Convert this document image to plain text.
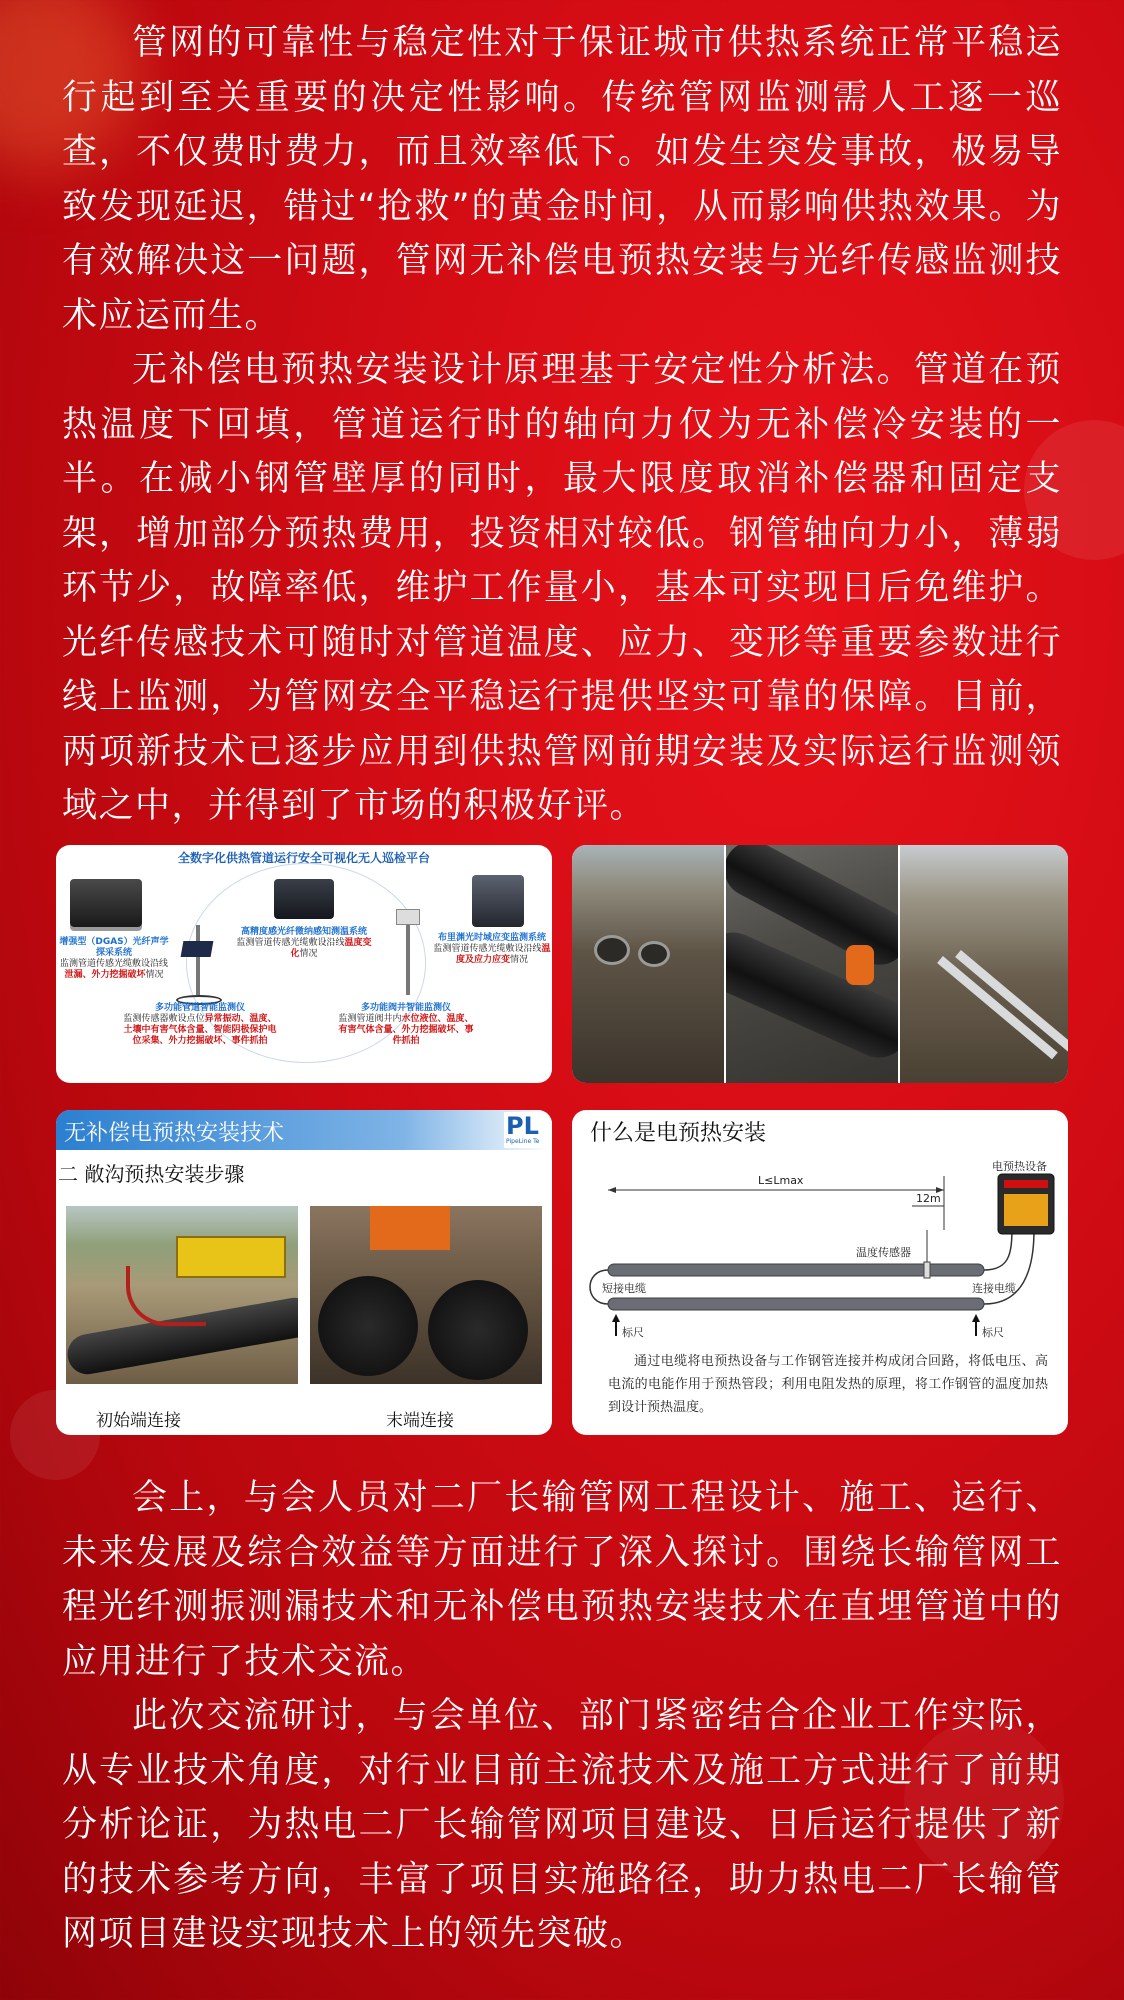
管网的可靠性与稳定性对于保证城市供热系统正常平稳运行起到至关重要的决定性影响。传统管网监测需人工逐一巡查，不仅费时费力，而且效率低下。如发生突发事故，极易导致发现延迟，错过“抢救”的黄金时间，从而影响供热效果。为有效解决这一问题，管网无补偿电预热安装与光纤传感监测技术应运而生。

无补偿电预热安装设计原理基于安定性分析法。管道在预热温度下回填，管道运行时的轴向力仅为无补偿冷安装的一半。在减小钢管壁厚的同时，最大限度取消补偿器和固定支架，增加部分预热费用，投资相对较低。钢管轴向力小，薄弱环节少，故障率低，维护工作量小，基本可实现日后免维护。光纤传感技术可随时对管道温度、应力、变形等重要参数进行线上监测，为管网安全平稳运行提供坚实可靠的保障。目前，两项新技术已逐步应用到供热管网前期安装及实际运行监测领域之中，并得到了市场的积极好评。

全数字化供热管道运行安全可视化无人巡检平台
增强型（DGAS）光纤声学探采系统
监测管道传感光缆敷设沿线泄漏、外力挖掘破坏情况
高精度感光纤微纳感知测温系统
监测管道传感光缆敷设沿线温度变化情况
布里渊光时域应变监测系统
监测管道传感光缆敷设沿线温度及应力应变情况
多功能管道智能监测仪
监测传感器敷设点位异常振动、温度、土壤中有害气体含量、智能阴极保护电位采集、外力挖掘破坏、事件抓拍
多功能阀井智能监测仪
监测管道阀井内水位液位、温度、有害气体含量、外力挖掘破坏、事件抓拍
无补偿电预热安装技术	PL
PipeLine Te
二 敞沟预热安装步骤
初始端连接	末端连接
什么是电预热安装
L≤Lmax
电预热设备
12m
温度传感器
短接电缆	连接电缆
标尺	标尺

通过电缆将电预热设备与工作钢管连接并构成闭合回路，将低电压、高电流的电能作用于预热管段；利用电阻发热的原理，将工作钢管的温度加热到设计预热温度。

会上，与会人员对二厂长输管网工程设计、施工、运行、未来发展及综合效益等方面进行了深入探讨。围绕长输管网工程光纤测振测漏技术和无补偿电预热安装技术在直埋管道中的应用进行了技术交流。

此次交流研讨，与会单位、部门紧密结合企业工作实际，从专业技术角度，对行业目前主流技术及施工方式进行了前期分析论证，为热电二厂长输管网项目建设、日后运行提供了新的技术参考方向，丰富了项目实施路径，助力热电二厂长输管网项目建设实现技术上的领先突破。
